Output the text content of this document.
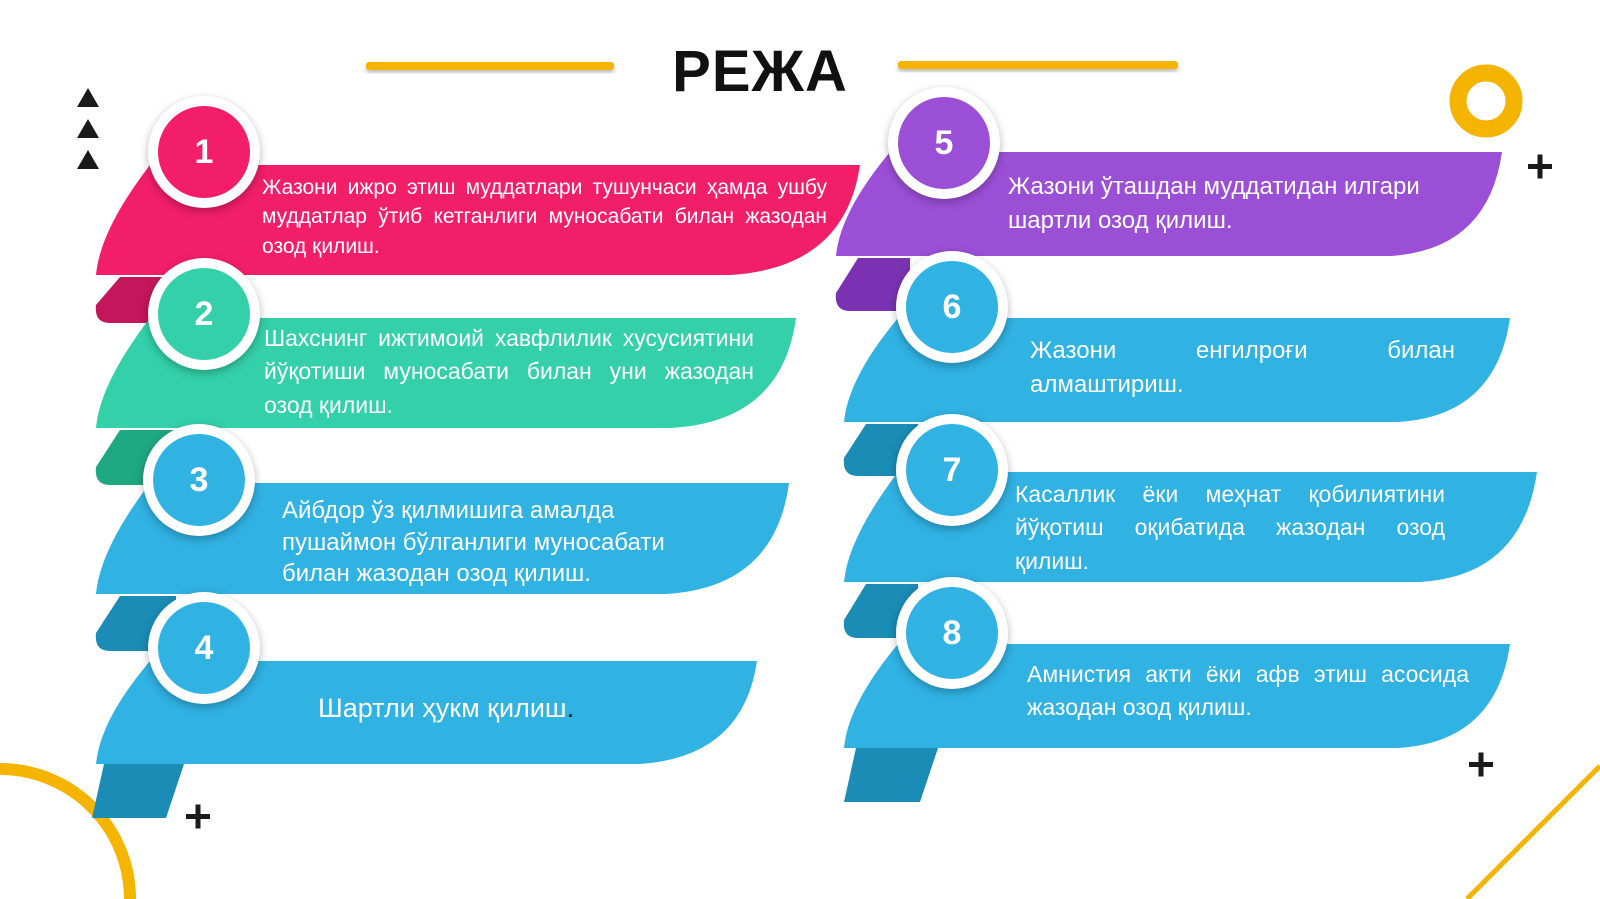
РЕЖА
Жазони ижро этиш муддатлари тушунчаси ҳамда ушбу муддатлар ўтиб кетганлиги муносабати билан жазодан озод қилиш.
Шахснинг ижтимоий хавфлилик хусусиятини йўқотиши муносабати билан уни жазодан озод қилиш.
Айбдор ўз қилмишига амалда пушаймон бўлганлиги муносабати билан жазодан озод қилиш.
Шартли ҳукм қилиш.
Жазони ўташдан муддатидан илгари шартли озод қилиш.
Жазони енгилроғи билан алмаштириш.
Касаллик ёки меҳнат қобилиятини йўқотиш оқибатида жазодан озод қилиш.
Амнистия акти ёки афв этиш асосида жазодан озод қилиш.
1
2
3
4
5
6
7
8
